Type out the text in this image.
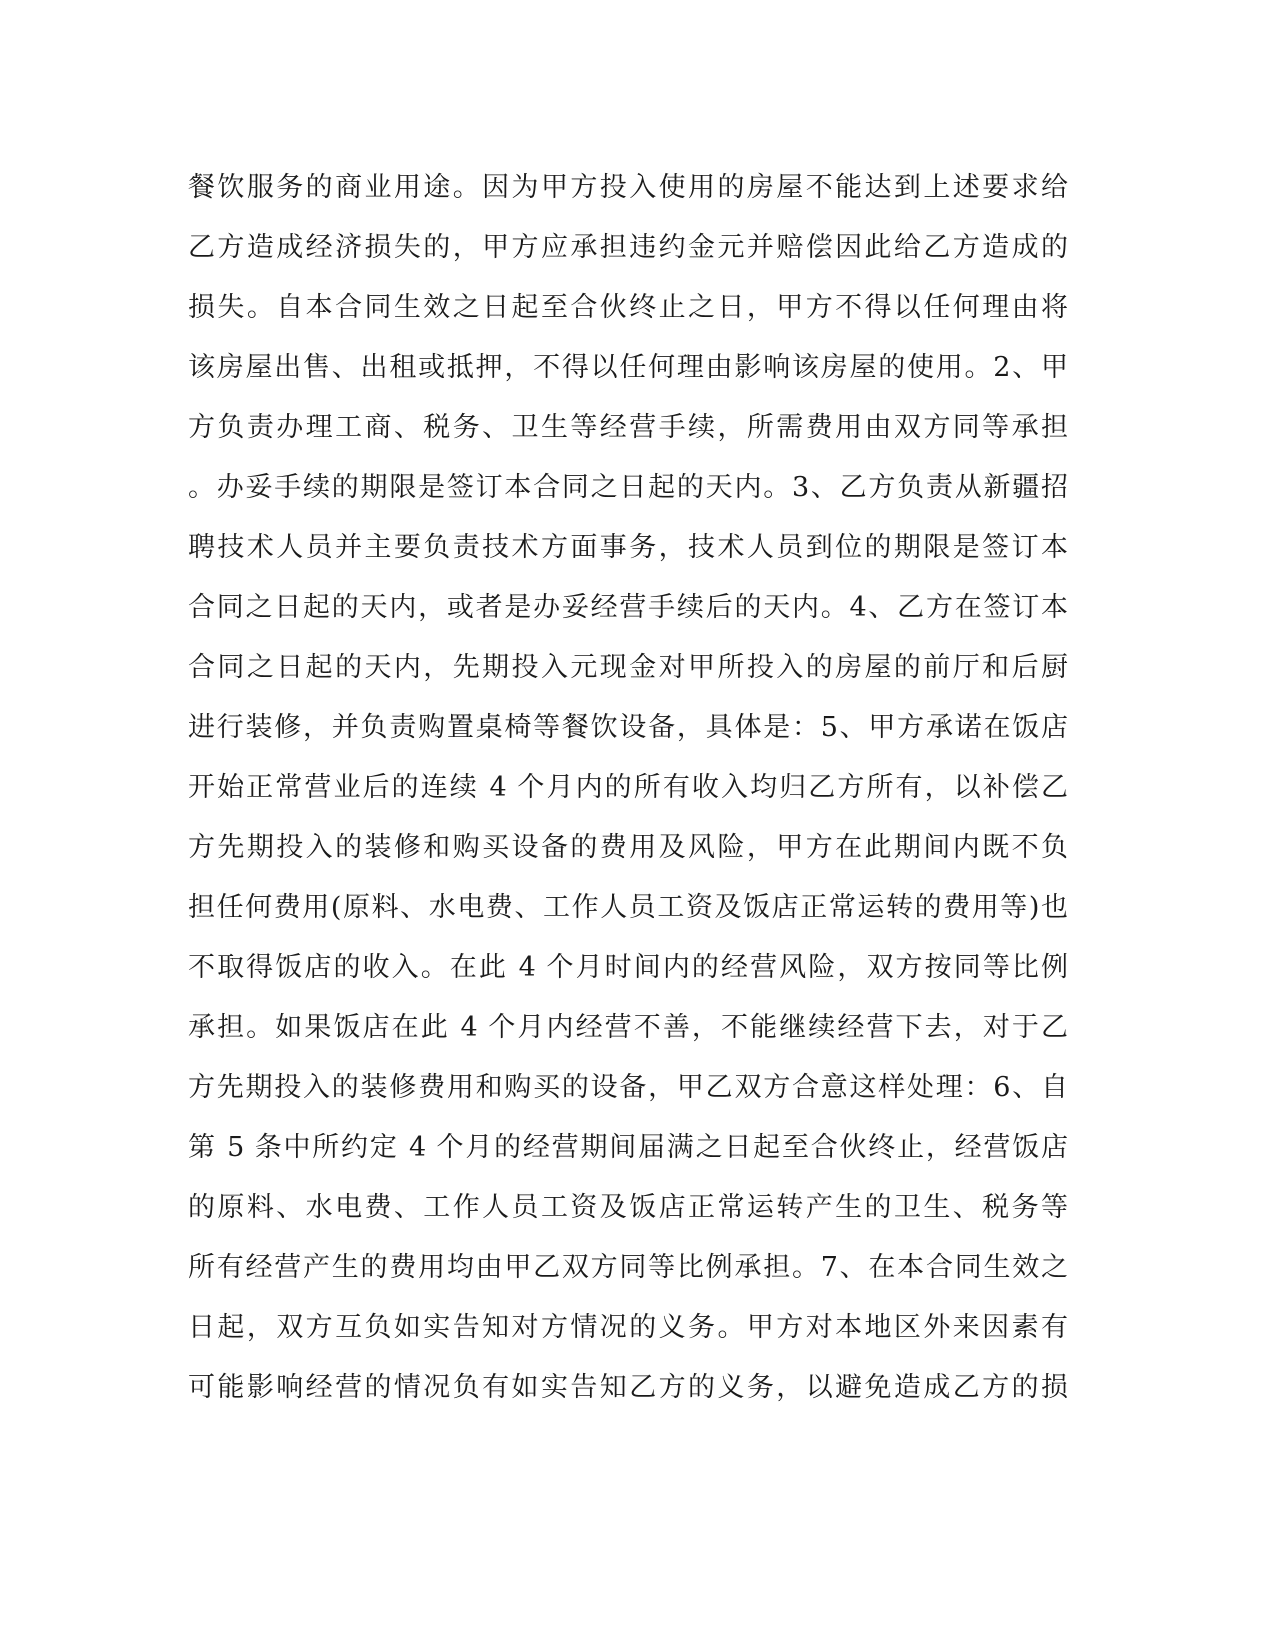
餐饮服务的商业用途。因为甲方投入使用的房屋不能达到上述要求给
乙方造成经济损失的，甲方应承担违约金元并赔偿因此给乙方造成的
损失。自本合同生效之日起至合伙终止之日，甲方不得以任何理由将
该房屋出售、出租或抵押，不得以任何理由影响该房屋的使用。2、甲
方负责办理工商、税务、卫生等经营手续，所需费用由双方同等承担
。办妥手续的期限是签订本合同之日起的天内。3、乙方负责从新疆招
聘技术人员并主要负责技术方面事务，技术人员到位的期限是签订本
合同之日起的天内，或者是办妥经营手续后的天内。4、乙方在签订本
合同之日起的天内，先期投入元现金对甲所投入的房屋的前厅和后厨
进行装修，并负责购置桌椅等餐饮设备，具体是：5、甲方承诺在饭店
开始正常营业后的连续 4 个月内的所有收入均归乙方所有，以补偿乙
方先期投入的装修和购买设备的费用及风险，甲方在此期间内既不负
担任何费用(原料、水电费、工作人员工资及饭店正常运转的费用等)也
不取得饭店的收入。在此 4 个月时间内的经营风险，双方按同等比例
承担。如果饭店在此 4 个月内经营不善，不能继续经营下去，对于乙
方先期投入的装修费用和购买的设备，甲乙双方合意这样处理：6、自
第 5 条中所约定 4 个月的经营期间届满之日起至合伙终止，经营饭店
的原料、水电费、工作人员工资及饭店正常运转产生的卫生、税务等
所有经营产生的费用均由甲乙双方同等比例承担。7、在本合同生效之
日起，双方互负如实告知对方情况的义务。甲方对本地区外来因素有
可能影响经营的情况负有如实告知乙方的义务，以避免造成乙方的损
